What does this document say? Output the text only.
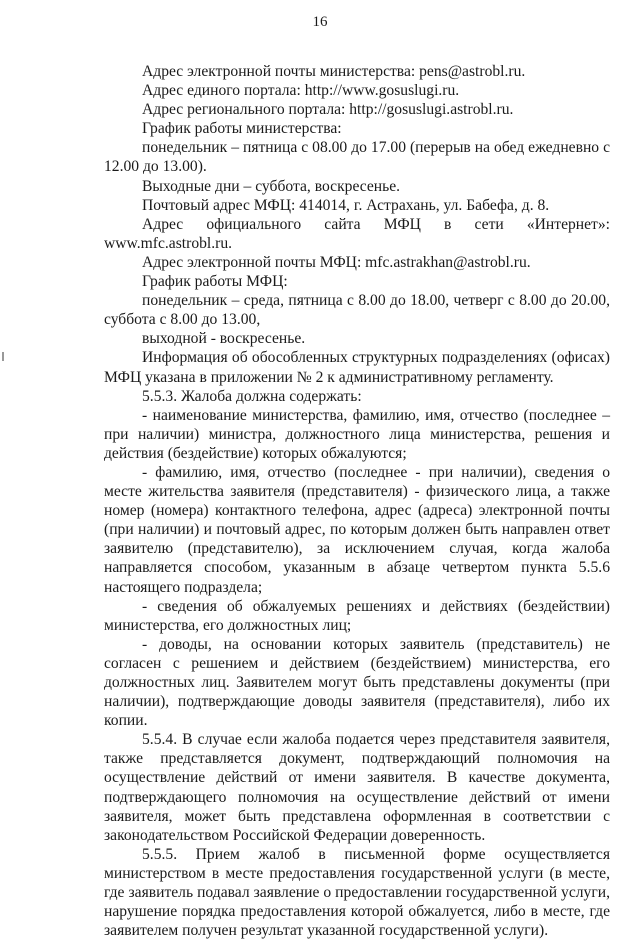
16

Адрес электронной почты министерства: pens@astrobl.ru.

Адрес единого портала: http://www.gosuslugi.ru.

Адрес регионального портала: http://gosuslugi.astrobl.ru.

График работы министерства:

понедельник – пятница с 08.00 до 17.00 (перерыв на обед ежедневно с 12.00 до 13.00).

Выходные дни – суббота, воскресенье.

Почтовый адрес МФЦ: 414014, г. Астрахань, ул. Бабефа, д. 8.

Адрес официального сайта МФЦ в сети «Интернет»: www.mfc.astrobl.ru.

Адрес электронной почты МФЦ: mfc.astrakhan@astrobl.ru.

График работы МФЦ:

понедельник – среда, пятница с 8.00 до 18.00, четверг с 8.00 до 20.00, суббота с 8.00 до 13.00,

выходной - воскресенье.

Информация об обособленных структурных подразделениях (офисах) МФЦ указана в приложении № 2 к административному регламенту.

5.5.3. Жалоба должна содержать:

- наименование министерства, фамилию, имя, отчество (последнее – при наличии) министра, должностного лица министерства, решения и действия (бездействие) которых обжалуются;

- фамилию, имя, отчество (последнее - при наличии), сведения о месте жительства заявителя (представителя) - физического лица, а также номер (номера) контактного телефона, адрес (адреса) электронной почты (при наличии) и почтовый адрес, по которым должен быть направлен ответ заявителю (представителю), за исключением случая, когда жалоба направляется способом, указанным в абзаце четвертом пункта 5.5.6 настоящего подраздела;

- сведения об обжалуемых решениях и действиях (бездействии) министерства, его должностных лиц;

- доводы, на основании которых заявитель (представитель) не согласен с решением и действием (бездействием) министерства, его должностных лиц. Заявителем могут быть представлены документы (при наличии), подтверждающие доводы заявителя (представителя), либо их копии.

5.5.4. В случае если жалоба подается через представителя заявителя, также представляется документ, подтверждающий полномочия на осуществление действий от имени заявителя. В качестве документа, подтверждающего полномочия на осуществление действий от имени заявителя, может быть представлена оформленная в соответствии с законодательством Российской Федерации доверенность.

5.5.5. Прием жалоб в письменной форме осуществляется министерством в месте предоставления государственной услуги (в месте, где заявитель подавал заявление о предоставлении государственной услуги, нарушение порядка предоставления которой обжалуется, либо в месте, где заявителем получен результат указанной государственной услуги).
